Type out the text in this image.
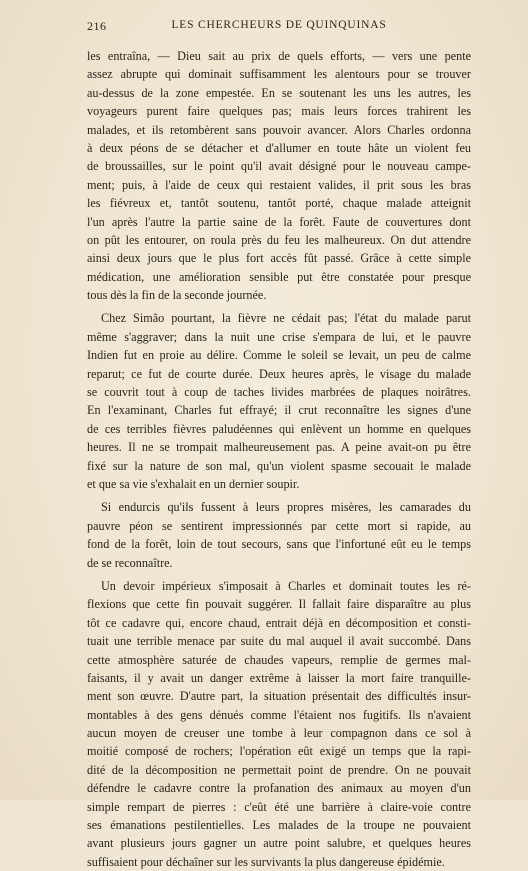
216	LES CHERCHEURS DE QUINQUINAS
les entraîna, — Dieu sait au prix de quels efforts, — vers une pente
assez abrupte qui dominait suffisamment les alentours pour se trouver
au-dessus de la zone empestée. En se soutenant les uns les autres, les
voyageurs purent faire quelques pas; mais leurs forces trahirent les
malades, et ils retombèrent sans pouvoir avancer. Alors Charles ordonna
à deux péons de se détacher et d'allumer en toute hâte un violent feu
de broussailles, sur le point qu'il avait désigné pour le nouveau campe-
ment; puis, à l'aide de ceux qui restaient valides, il prit sous les bras
les fiévreux et, tantôt soutenu, tantôt porté, chaque malade atteignit
l'un après l'autre la partie saine de la forêt. Faute de couvertures dont
on pût les entourer, on roula près du feu les malheureux. On dut attendre
ainsi deux jours que le plus fort accès fût passé. Grâce à cette simple
médication, une amélioration sensible put être constatée pour presque
tous dès la fin de la seconde journée.
Chez Simão pourtant, la fièvre ne cédait pas; l'état du malade parut
même s'aggraver; dans la nuit une crise s'empara de lui, et le pauvre
Indien fut en proie au délire. Comme le soleil se levait, un peu de calme
reparut; ce fut de courte durée. Deux heures après, le visage du malade
se couvrit tout à coup de taches livides marbrées de plaques noirâtres.
En l'examinant, Charles fut effrayé; il crut reconnaître les signes d'une
de ces terribles fièvres paludéennes qui enlèvent un homme en quelques
heures. Il ne se trompait malheureusement pas. A peine avait-on pu être
fixé sur la nature de son mal, qu'un violent spasme secouait le malade
et que sa vie s'exhalait en un dernier soupir.
Si endurcis qu'ils fussent à leurs propres misères, les camarades du
pauvre péon se sentirent impressionnés par cette mort si rapide, au
fond de la forêt, loin de tout secours, sans que l'infortuné eût eu le temps
de se reconnaître.
Un devoir impérieux s'imposait à Charles et dominait toutes les ré-
flexions que cette fin pouvait suggérer. Il fallait faire disparaître au plus
tôt ce cadavre qui, encore chaud, entrait déjà en décomposition et consti-
tuait une terrible menace par suite du mal auquel il avait succombé. Dans
cette atmosphère saturée de chaudes vapeurs, remplie de germes mal-
faisants, il y avait un danger extrême à laisser la mort faire tranquille-
ment son œuvre. D'autre part, la situation présentait des difficultés insur-
montables à des gens dénués comme l'étaient nos fugitifs. Ils n'avaient
aucun moyen de creuser une tombe à leur compagnon dans ce sol à
moitié composé de rochers; l'opération eût exigé un temps que la rapi-
dité de la décomposition ne permettait point de prendre. On ne pouvait
défendre le cadavre contre la profanation des animaux au moyen d'un
simple rempart de pierres : c'eût été une barrière à claire-voie contre
ses émanations pestilentielles. Les malades de la troupe ne pouvaient
avant plusieurs jours gagner un autre point salubre, et quelques heures
suffisaient pour déchaîner sur les survivants la plus dangereuse épidémie.
